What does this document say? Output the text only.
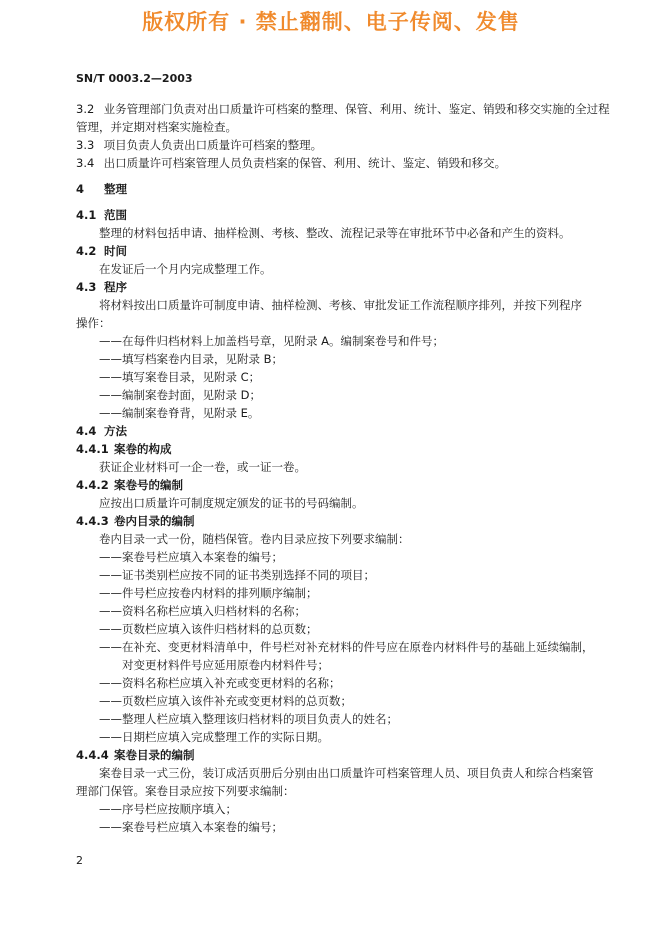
版权所有 · 禁止翻制、电子传阅、发售
SN/T 0003.2—2003
3.2 业务管理部门负责对出口质量许可档案的整理、保管、利用、统计、鉴定、销毁和移交实施的全过程
管理，并定期对档案实施检查。
3.3 项目负责人负责出口质量许可档案的整理。
3.4 出口质量许可档案管理人员负责档案的保管、利用、统计、鉴定、销毁和移交。
4 整理
4.1 范围
整理的材料包括申请、抽样检测、考核、整改、流程记录等在审批环节中必备和产生的资料。
4.2 时间
在发证后一个月内完成整理工作。
4.3 程序
将材料按出口质量许可制度申请、抽样检测、考核、审批发证工作流程顺序排列，并按下列程序
操作：
——在每件归档材料上加盖档号章，见附录 A。编制案卷号和件号；
——填写档案卷内目录，见附录 B；
——填写案卷目录，见附录 C；
——编制案卷封面，见附录 D；
——编制案卷脊背，见附录 E。
4.4 方法
4.4.1 案卷的构成
获证企业材料可一企一卷，或一证一卷。
4.4.2 案卷号的编制
应按出口质量许可制度规定颁发的证书的号码编制。
4.4.3 卷内目录的编制
卷内目录一式一份，随档保管。卷内目录应按下列要求编制：
——案卷号栏应填入本案卷的编号；
——证书类别栏应按不同的证书类别选择不同的项目；
——件号栏应按卷内材料的排列顺序编制；
——资料名称栏应填入归档材料的名称；
——页数栏应填入该件归档材料的总页数；
——在补充、变更材料清单中，件号栏对补充材料的件号应在原卷内材料件号的基础上延续编制，
对变更材料件号应延用原卷内材料件号；
——资料名称栏应填入补充或变更材料的名称；
——页数栏应填入该件补充或变更材料的总页数；
——整理人栏应填入整理该归档材料的项目负责人的姓名；
——日期栏应填入完成整理工作的实际日期。
4.4.4 案卷目录的编制
案卷目录一式三份，装订成活页册后分别由出口质量许可档案管理人员、项目负责人和综合档案管
理部门保管。案卷目录应按下列要求编制：
——序号栏应按顺序填入；
——案卷号栏应填入本案卷的编号；
2
